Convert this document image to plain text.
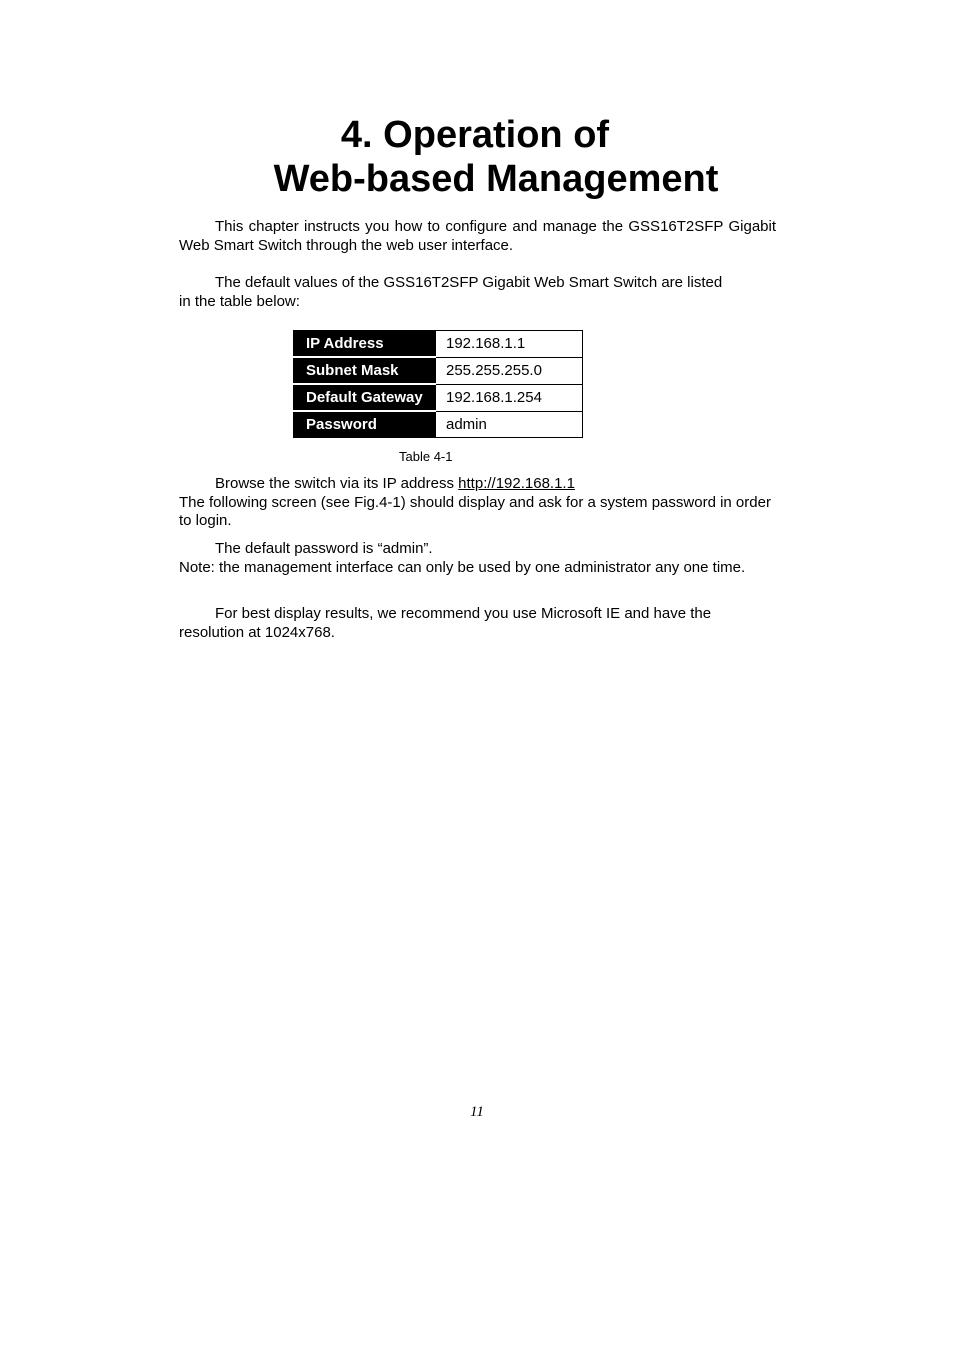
4. Operation of
Web-based Management

This chapter instructs you how to configure and manage the GSS16T2SFP Gigabit Web Smart Switch through the web user interface.

The default values of the GSS16T2SFP Gigabit Web Smart Switch are listed
in the table below:
IP Address	192.168.1.1
Subnet Mask	255.255.255.0
Default Gateway	192.168.1.254
Password	admin

Table 4-1

Browse the switch via its IP address http://192.168.1.1
The following screen (see Fig.4-1) should display and ask for a system password in order to login.
The default password is “admin”.
Note: the management interface can only be used by one administrator any one time.

For best display results, we recommend you use Microsoft IE and have the resolution at 1024x768.

11
